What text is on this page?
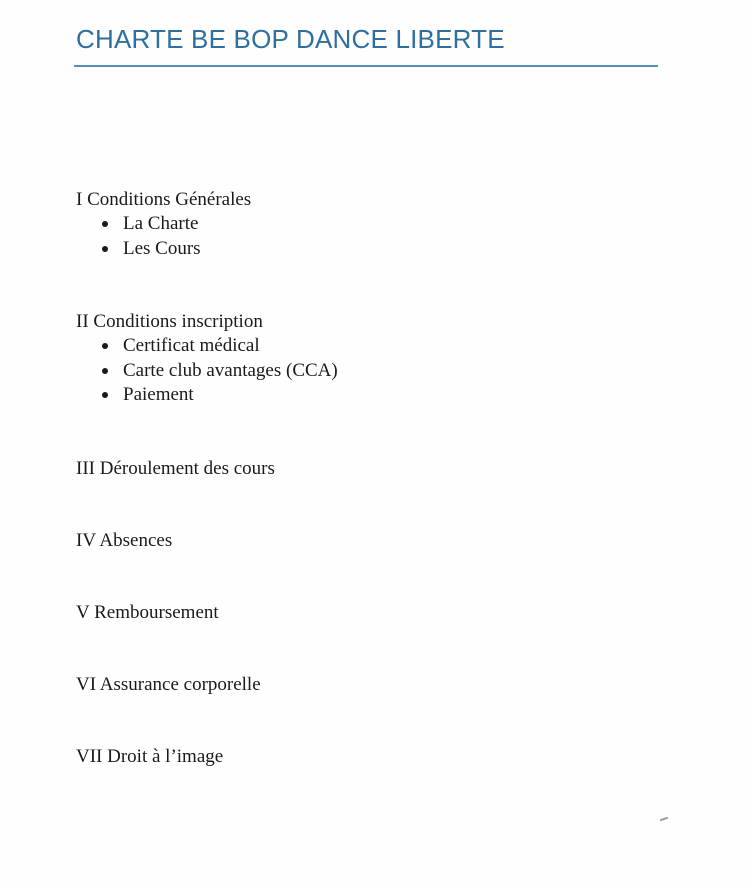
CHARTE BE BOP DANCE LIBERTE

I Conditions Générales

La Charte
Les Cours

II Conditions inscription

Certificat médical
Carte club avantages (CCA)
Paiement

III Déroulement des cours

IV Absences

V Remboursement

VI Assurance corporelle

VII Droit à l’image
